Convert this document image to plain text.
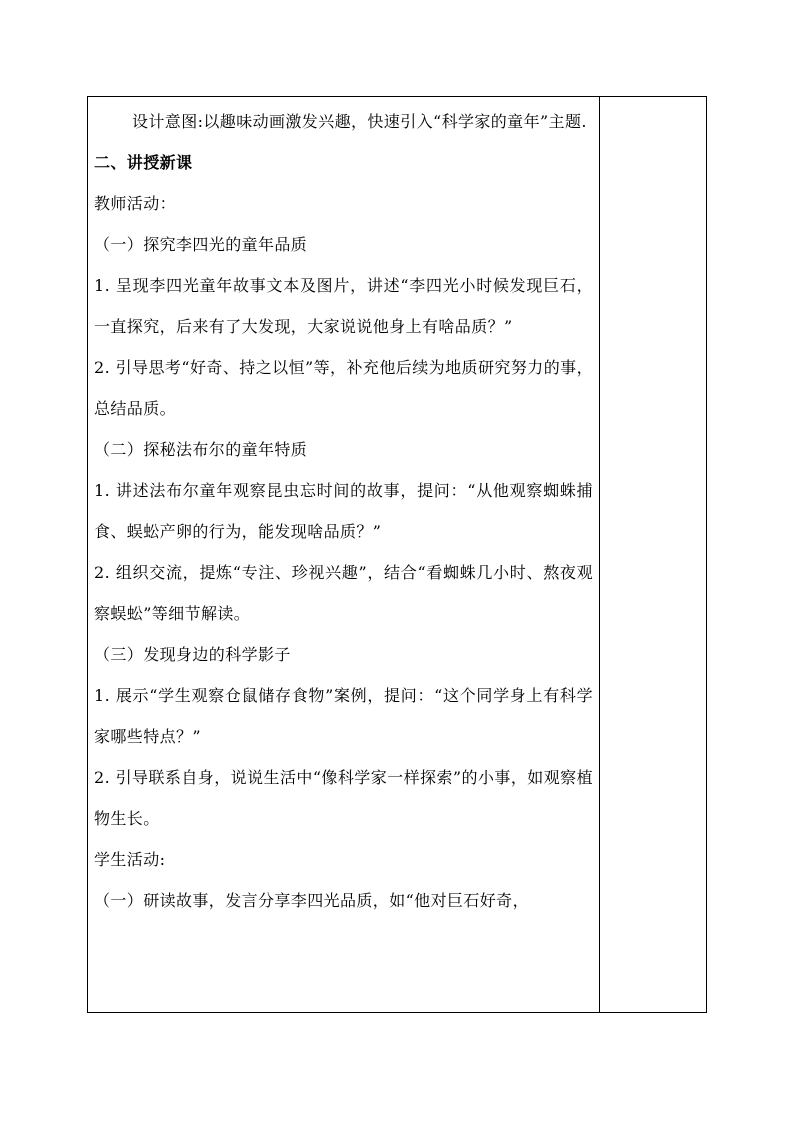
设计意图:以趣味动画激发兴趣，快速引入“科学家的童年”主题.

二、讲授新课

教师活动：

（一）探究李四光的童年品质

1. 呈现李四光童年故事文本及图片，讲述“李四光小时候发现巨石，一直探究，后来有了大发现，大家说说他身上有啥品质？”

2. 引导思考“好奇、持之以恒”等，补充他后续为地质研究努力的事，总结品质。

（二）探秘法布尔的童年特质

1. 讲述法布尔童年观察昆虫忘时间的故事，提问：“从他观察蜘蛛捕食、蜈蚣产卵的行为，能发现啥品质？”

2. 组织交流，提炼“专注、珍视兴趣”，结合“看蜘蛛几小时、熬夜观察蜈蚣”等细节解读。

（三）发现身边的科学影子

1. 展示“学生观察仓鼠储存食物”案例，提问：“这个同学身上有科学家哪些特点？”

2. 引导联系自身，说说生活中“像科学家一样探索”的小事，如观察植物生长。

学生活动:

（一）研读故事，发言分享李四光品质，如“他对巨石好奇，
